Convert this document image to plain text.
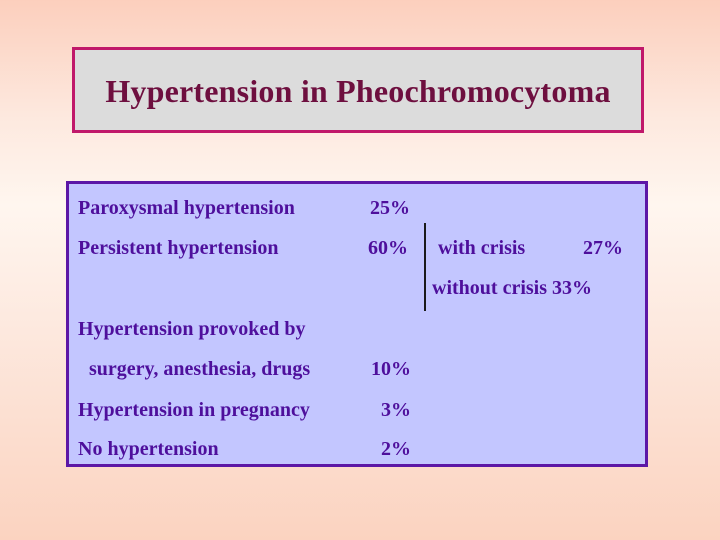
Hypertension in Pheochromocytoma
Paroxysmal hypertension	25%
Persistent hypertension	60% with crisis	27%
without crisis 33%
Hypertension provoked by
surgery, anesthesia, drugs	10%
Hypertension in pregnancy	3%
No hypertension	2%
